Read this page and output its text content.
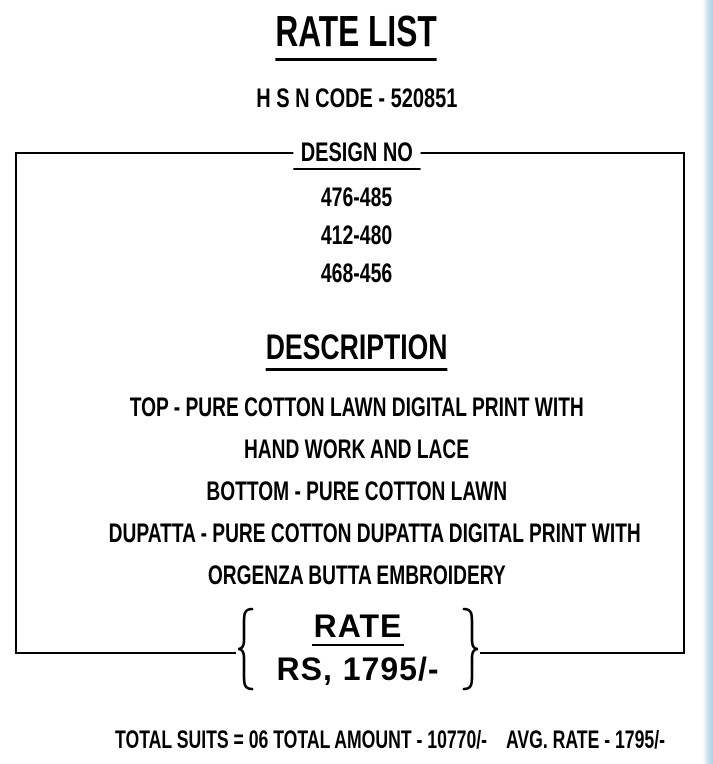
RATE LIST
H S N CODE - 520851
DESIGN NO
476-485
412-480
468-456
DESCRIPTION
TOP - PURE COTTON LAWN DIGITAL PRINT WITH
HAND WORK AND LACE
BOTTOM - PURE COTTON LAWN
DUPATTA - PURE COTTON DUPATTA DIGITAL PRINT WITH
ORGENZA BUTTA EMBROIDERY
RATE
RS, 1795/-
TOTAL SUITS = 06 TOTAL AMOUNT - 10770/-    AVG. RATE - 1795/-
